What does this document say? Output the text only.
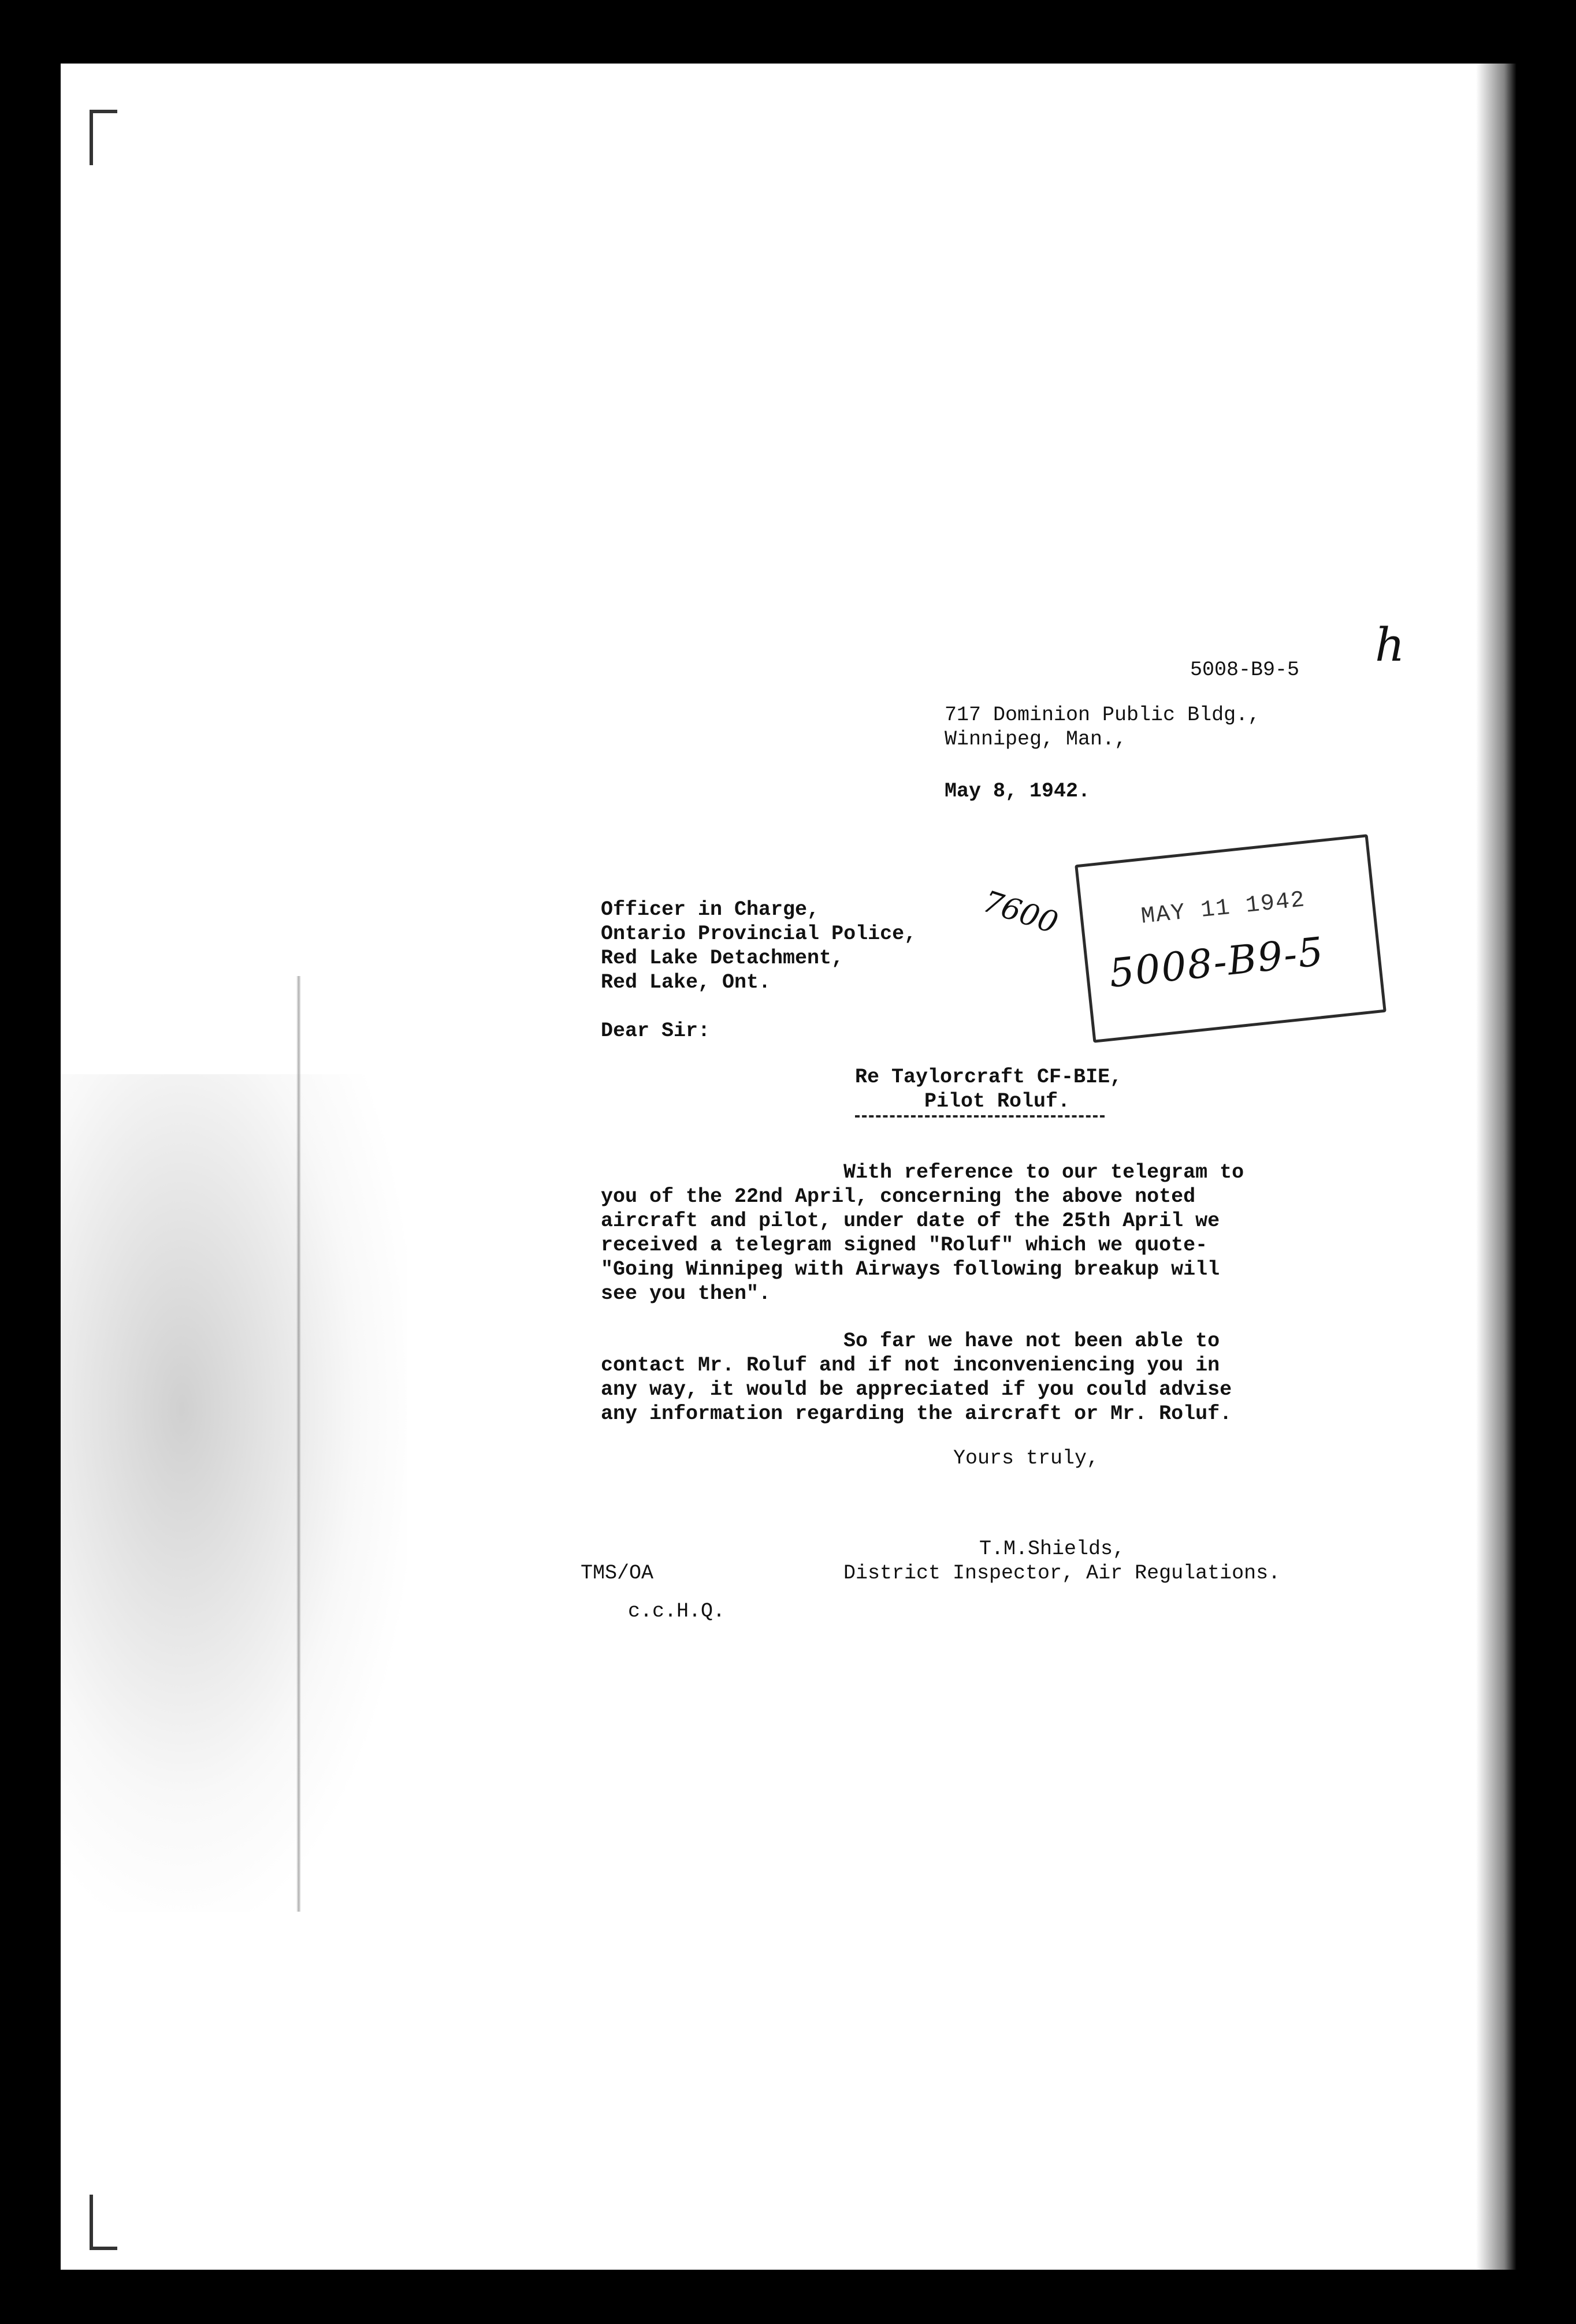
5008-B9-5

717 Dominion Public Bldg.,

Winnipeg, Man.,

May 8, 1942.

Officer in Charge,

Ontario Provincial Police,

Red Lake Detachment,

Red Lake, Ont.

Dear Sir:

Re Taylorcraft CF-BIE,

Pilot Roluf.

With reference to our telegram to

you of the 22nd April, concerning the above noted

aircraft and pilot, under date of the 25th April we

received a telegram signed "Roluf" which we quote-

"Going Winnipeg with Airways following breakup will

see you then".

So far we have not been able to

contact Mr. Roluf and if not inconveniencing you in

any way, it would be appreciated if you could advise

any information regarding the aircraft or Mr. Roluf.

Yours truly,

T.M.Shields,

District Inspector, Air Regulations.

TMS/OA

c.c.H.Q.

MAY 11 1942
5008-B9-5
7600
h
